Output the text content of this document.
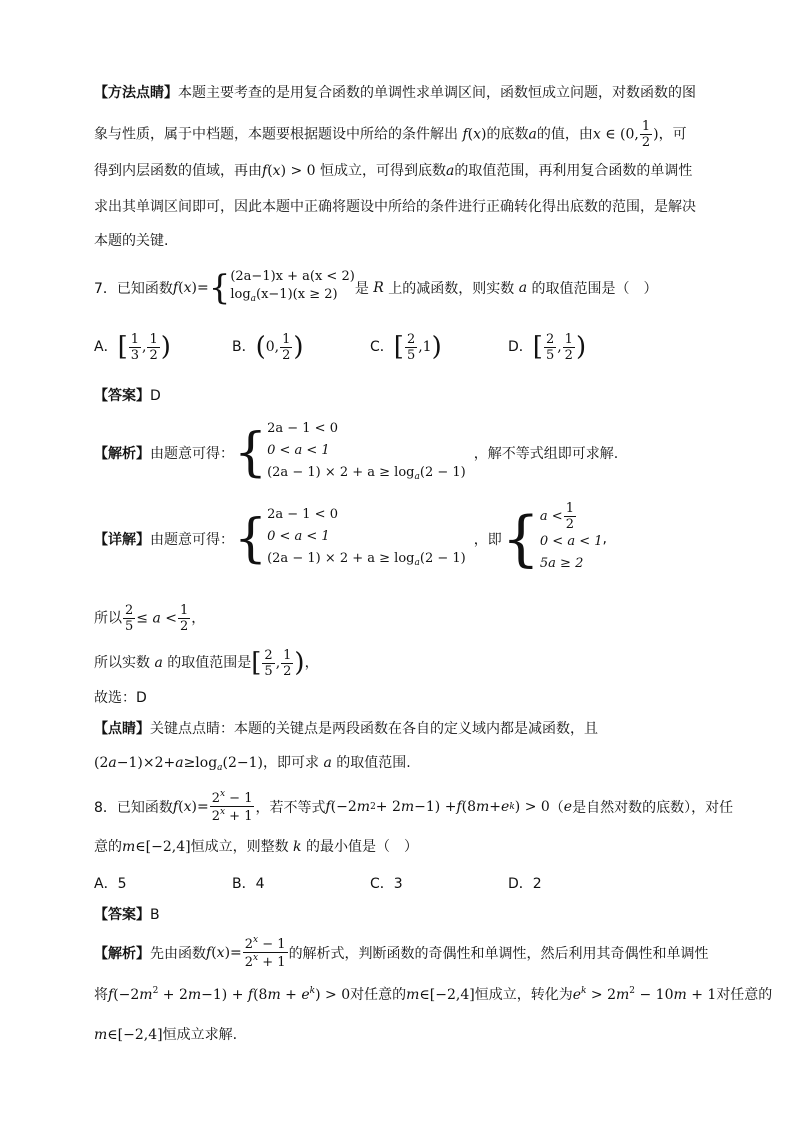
【方法点睛】本题主要考查的是用复合函数的单调性求单调区间，函数恒成立问题，对数函数的图
象与性质，属于中档题，本题要根据题设中所给的条件解出 f(x)的底数a的值，由x ∈ (0, $\frac{1}{2}$ )，可
得到内层函数的值域，再由f(x) > 0 恒成立，可得到底数a的取值范围，再利用复合函数的单调性
求出其单调区间即可，因此本题中正确将题设中所给的条件进行正确转化得出底数的范围，是解决
本题的关键.
7．已知函数 f ( x )= { (2a−1)x + a(x < 2)
$\log_a(x-1)(x \ge 2)$	是 R 上的减函数，则实数 a 的取值范围是（　）
A．[ $\frac{1}{3}$ , $\frac{1}{2}$ )	B．(0, $\frac{1}{2}$ )	C．[ $\frac{2}{5} ,1$)	D．[ $\frac{2}{5}$ , $\frac{1}{2}$ )
【答案】D
【解析】 由题意可得： { 2a − 1 < 0
0 < a < 1
$(2a - 1) \times 2 + a \ge \log_a(2 - 1)$
，解不等式组即可求解.
【详解】 由题意可得： { 2a − 1 < 0
0 < a < 1
$(2a - 1) \times 2 + a \ge \log_a(2 - 1)$
，即 { $a < \frac{1}{2}$
0 < a < 1
5a ≥ 2
,
所以 $\frac{2}{5} \le a < \frac{1}{2}$ ，
所以实数 a 的取值范围是[ $\frac{2}{5}$ , $\frac{1}{2}$ )，
故选：D
【点睛】关键点点睛：本题的关键点是两段函数在各自的定义域内都是减函数，且
$(2a-1)\times 2+a\ge\log_a(2-1)$，即可求 a 的取值范围.
8．已知函数 f ( x )= $\frac{2^x - 1}{2^x + 1}$ ，若不等式 f (−2 m 2 + 2 m −1) + f (8 m + e k ) > 0 （ e 是自然对数的底数），对任
意的m∈[−2,4]恒成立，则整数 k 的最小值是（　）
A．5	B．4	C．3	D．2
【答案】B
【解析】 先由函数 f ( x )= $\frac{2^x - 1}{2^x + 1}$ 的解析式，判断函数的奇偶性和单调性，然后利用其奇偶性和单调性
将$f(-2m^2 + 2m-1) + f(8m + e^k) > 0$对任意的m∈[−2,4]恒成立，转化为$e^k > 2m^2 - 10m + 1$对任意的
m∈[−2,4]恒成立求解.
